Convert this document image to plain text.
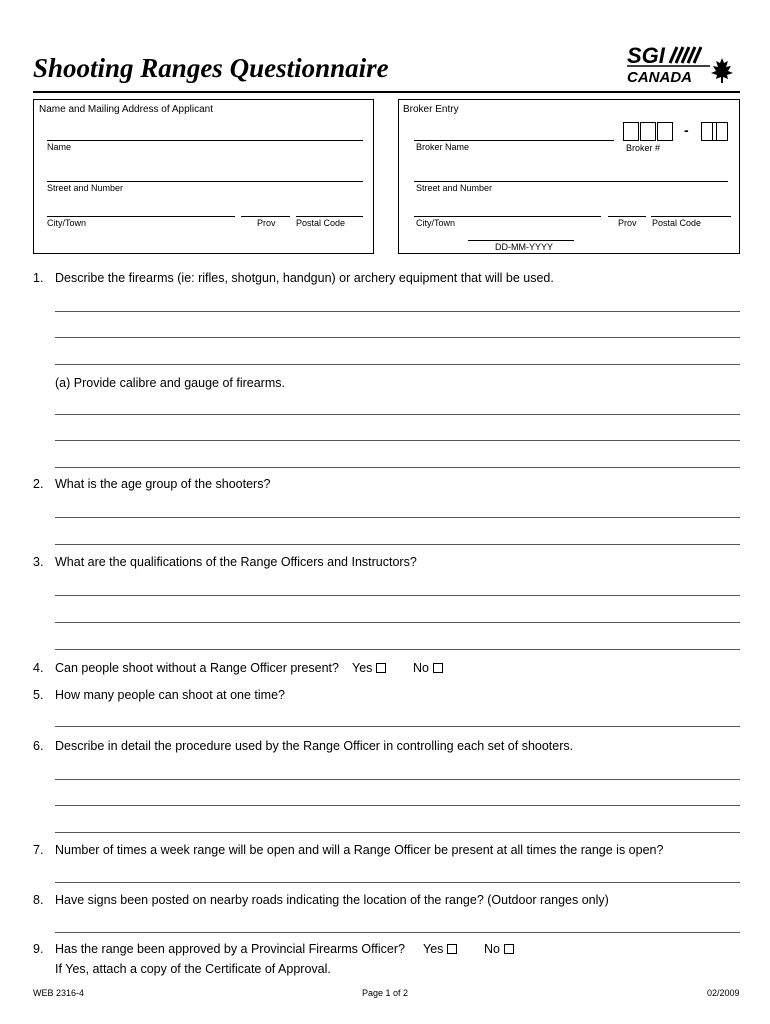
Shooting Ranges Questionnaire	SGI
CANADA
Name and Mailing Address of Applicant
Name
Street and Number
City/Town	Prov Postal Code
Broker Entry
Broker Name
-
Broker #
Street and Number
City/Town	Prov Postal Code
DD-MM-YYYY
1. Describe the firearms (ie: rifles, shotgun, handgun) or archery equipment that will be used.
(a) Provide calibre and gauge of firearms.
2. What is the age group of the shooters?
3. What are the qualifications of the Range Officers and Instructors?
4. Can people shoot without a Range Officer present? Yes	No
5. How many people can shoot at one time?
6. Describe in detail the procedure used by the Range Officer in controlling each set of shooters.
7. Number of times a week range will be open and will a Range Officer be present at all times the range is open?
8. Have signs been posted on nearby roads indicating the location of the range? (Outdoor ranges only)
9. Has the range been approved by a Provincial Firearms Officer? Yes	No
If Yes, attach a copy of the Certificate of Approval.
WEB 2316-4	Page 1 of 2	02/2009
